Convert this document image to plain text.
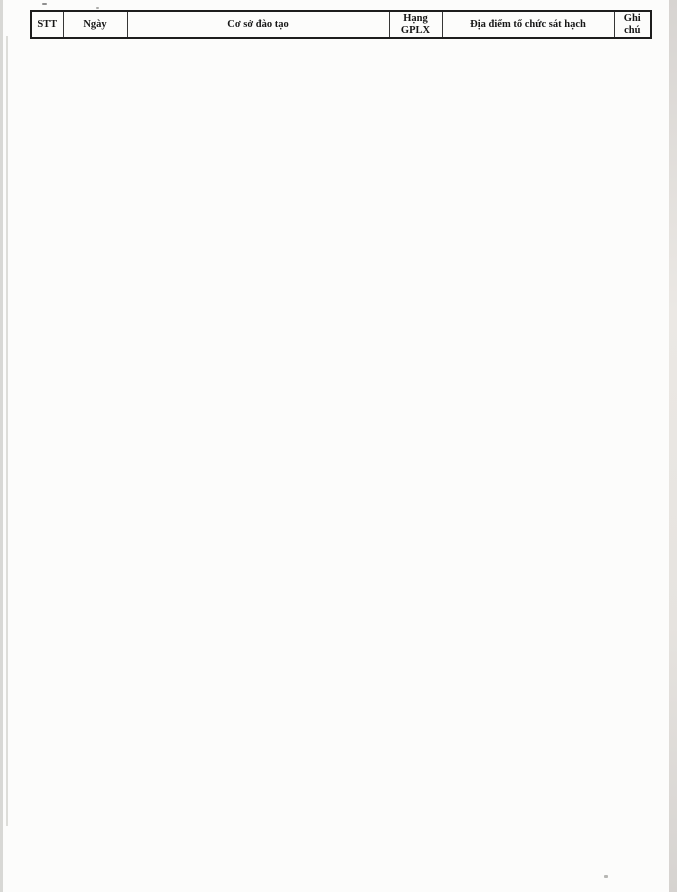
STT	Ngày	Cơ sở đào tạo	Hạng GPLX	Địa điểm tổ chức sát hạch	Ghi chú
